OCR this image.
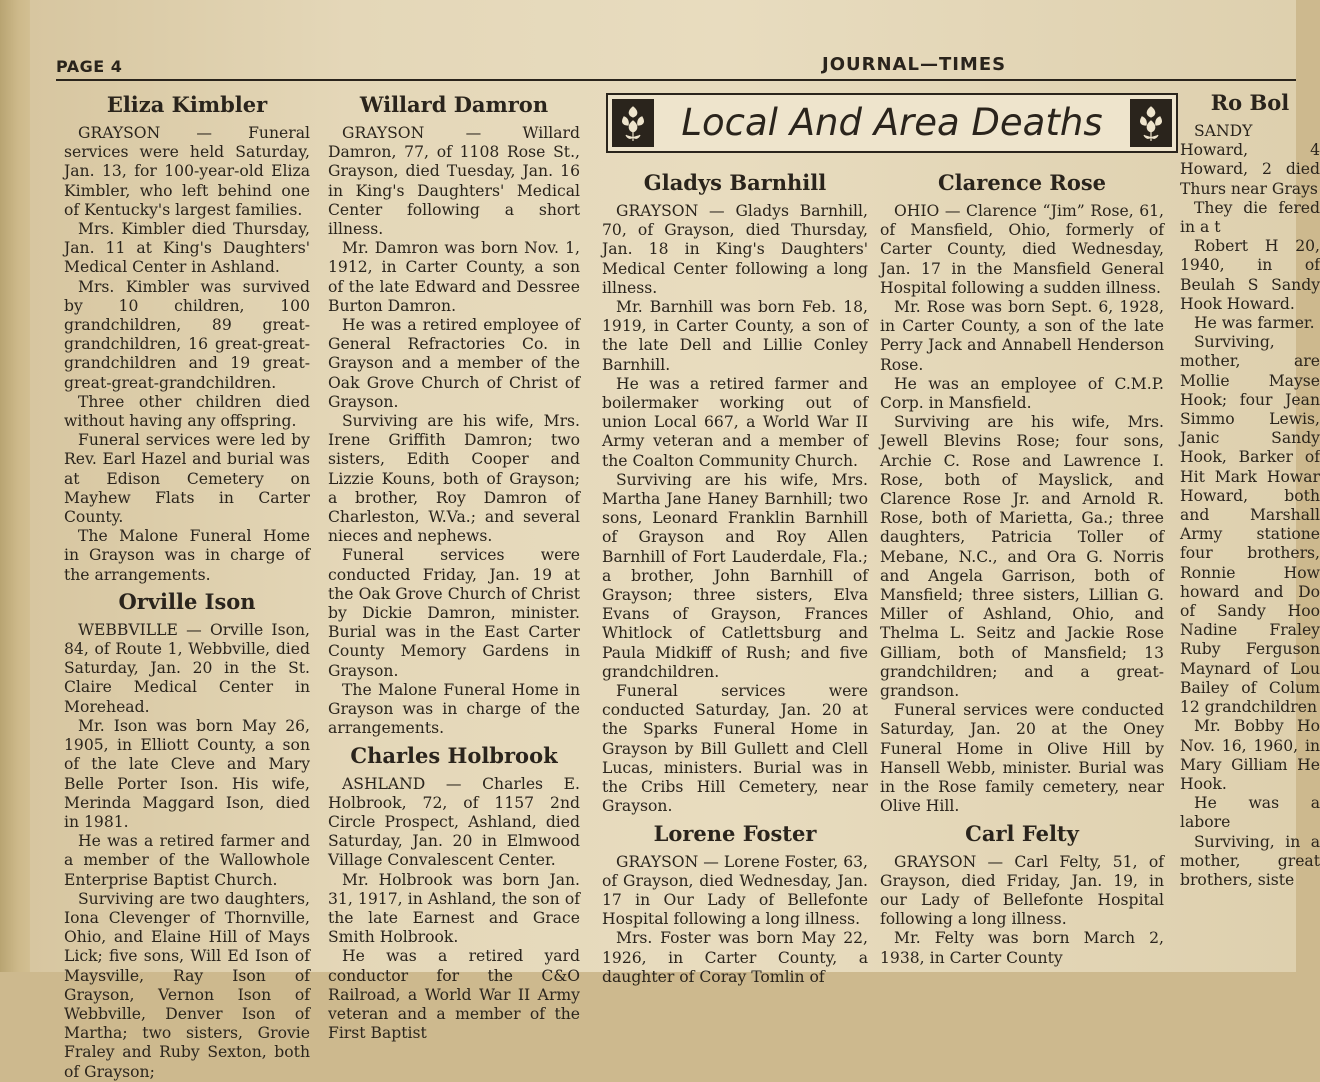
PAGE 4	JOURNAL—TIMES
Local And Area Deaths
Eliza Kimbler

GRAYSON — Funeral services were held Saturday, Jan. 13, for 100-year-old Eliza Kimbler, who left behind one of Kentucky's largest families.

Mrs. Kimbler died Thursday, Jan. 11 at King's Daughters' Medical Center in Ashland.

Mrs. Kimbler was survived by 10 children, 100 grandchildren, 89 great-grandchildren, 16 great-great-grandchildren and 19 great-great-great-grandchildren.

Three other children died without having any offspring.

Funeral services were led by Rev. Earl Hazel and burial was at Edison Cemetery on Mayhew Flats in Carter County.

The Malone Funeral Home in Grayson was in charge of the arrangements.

Orville Ison

WEBBVILLE — Orville Ison, 84, of Route 1, Webbville, died Saturday, Jan. 20 in the St. Claire Medical Center in Morehead.

Mr. Ison was born May 26, 1905, in Elliott County, a son of the late Cleve and Mary Belle Porter Ison. His wife, Merinda Maggard Ison, died in 1981.

He was a retired farmer and a member of the Wallowhole Enterprise Baptist Church.

Surviving are two daughters, Iona Clevenger of Thornville, Ohio, and Elaine Hill of Mays Lick; five sons, Will Ed Ison of Maysville, Ray Ison of Grayson, Vernon Ison of Webbville, Denver Ison of Martha; two sisters, Grovie Fraley and Ruby Sexton, both of Grayson;

Willard Damron

GRAYSON — Willard Damron, 77, of 1108 Rose St., Grayson, died Tuesday, Jan. 16 in King's Daughters' Medical Center following a short illness.

Mr. Damron was born Nov. 1, 1912, in Carter County, a son of the late Edward and Dessree Burton Damron.

He was a retired employee of General Refractories Co. in Grayson and a member of the Oak Grove Church of Christ of Grayson.

Surviving are his wife, Mrs. Irene Griffith Damron; two sisters, Edith Cooper and Lizzie Kouns, both of Grayson; a brother, Roy Damron of Charleston, W.Va.; and several nieces and nephews.

Funeral services were conducted Friday, Jan. 19 at the Oak Grove Church of Christ by Dickie Damron, minister. Burial was in the East Carter County Memory Gardens in Grayson.

The Malone Funeral Home in Grayson was in charge of the arrangements.

Charles Holbrook

ASHLAND — Charles E. Holbrook, 72, of 1157 2nd Circle Prospect, Ashland, died Saturday, Jan. 20 in Elmwood Village Convalescent Center.

Mr. Holbrook was born Jan. 31, 1917, in Ashland, the son of the late Earnest and Grace Smith Holbrook.

He was a retired yard conductor for the C&O Railroad, a World War II Army veteran and a member of the First Baptist

Gladys Barnhill

GRAYSON — Gladys Barnhill, 70, of Grayson, died Thursday, Jan. 18 in King's Daughters' Medical Center following a long illness.

Mr. Barnhill was born Feb. 18, 1919, in Carter County, a son of the late Dell and Lillie Conley Barnhill.

He was a retired farmer and boilermaker working out of union Local 667, a World War II Army veteran and a member of the Coalton Community Church.

Surviving are his wife, Mrs. Martha Jane Haney Barnhill; two sons, Leonard Franklin Barnhill of Grayson and Roy Allen Barnhill of Fort Lauderdale, Fla.; a brother, John Barnhill of Grayson; three sisters, Elva Evans of Grayson, Frances Whitlock of Catlettsburg and Paula Midkiff of Rush; and five grandchildren.

Funeral services were conducted Saturday, Jan. 20 at the Sparks Funeral Home in Grayson by Bill Gullett and Clell Lucas, ministers. Burial was in the Cribs Hill Cemetery, near Grayson.

Lorene Foster

GRAYSON — Lorene Foster, 63, of Grayson, died Wednesday, Jan. 17 in Our Lady of Bellefonte Hospital following a long illness.

Mrs. Foster was born May 22, 1926, in Carter County, a daughter of Coray Tomlin of

Clarence Rose

OHIO — Clarence “Jim” Rose, 61, of Mansfield, Ohio, formerly of Carter County, died Wednesday, Jan. 17 in the Mansfield General Hospital following a sudden illness.

Mr. Rose was born Sept. 6, 1928, in Carter County, a son of the late Perry Jack and Annabell Henderson Rose.

He was an employee of C.M.P. Corp. in Mansfield.

Surviving are his wife, Mrs. Jewell Blevins Rose; four sons, Archie C. Rose and Lawrence I. Rose, both of Mayslick, and Clarence Rose Jr. and Arnold R. Rose, both of Marietta, Ga.; three daughters, Patricia Toller of Mebane, N.C., and Ora G. Norris and Angela Garrison, both of Mansfield; three sisters, Lillian G. Miller of Ashland, Ohio, and Thelma L. Seitz and Jackie Rose Gilliam, both of Mansfield; 13 grandchildren; and a great-grandson.

Funeral services were conducted Saturday, Jan. 20 at the Oney Funeral Home in Olive Hill by Hansell Webb, minister. Burial was in the Rose family cemetery, near Olive Hill.

Carl Felty

GRAYSON — Carl Felty, 51, of Grayson, died Friday, Jan. 19, in our Lady of Bellefonte Hospital following a long illness.

Mr. Felty was born March 2, 1938, in Carter County

Ro Bol

SANDY Howard, 4 Howard, 2 died Thurs near Grays

They die fered in a t

Robert H 20, 1940, in of Beulah S Sandy Hook Howard.

He was farmer.

Surviving, mother, are Mollie Mayse Hook; four Jean Simmo Lewis, Janic Sandy Hook, Barker of Hit Mark Howar Howard, both and Marshall Army statione four brothers, Ronnie How howard and Do of Sandy Hoo Nadine Fraley Ruby Ferguson Maynard of Lou Bailey of Colum 12 grandchildren

Mr. Bobby Ho Nov. 16, 1960, in Mary Gilliam He Hook.

He was a labore

Surviving, in a mother, great brothers, siste
